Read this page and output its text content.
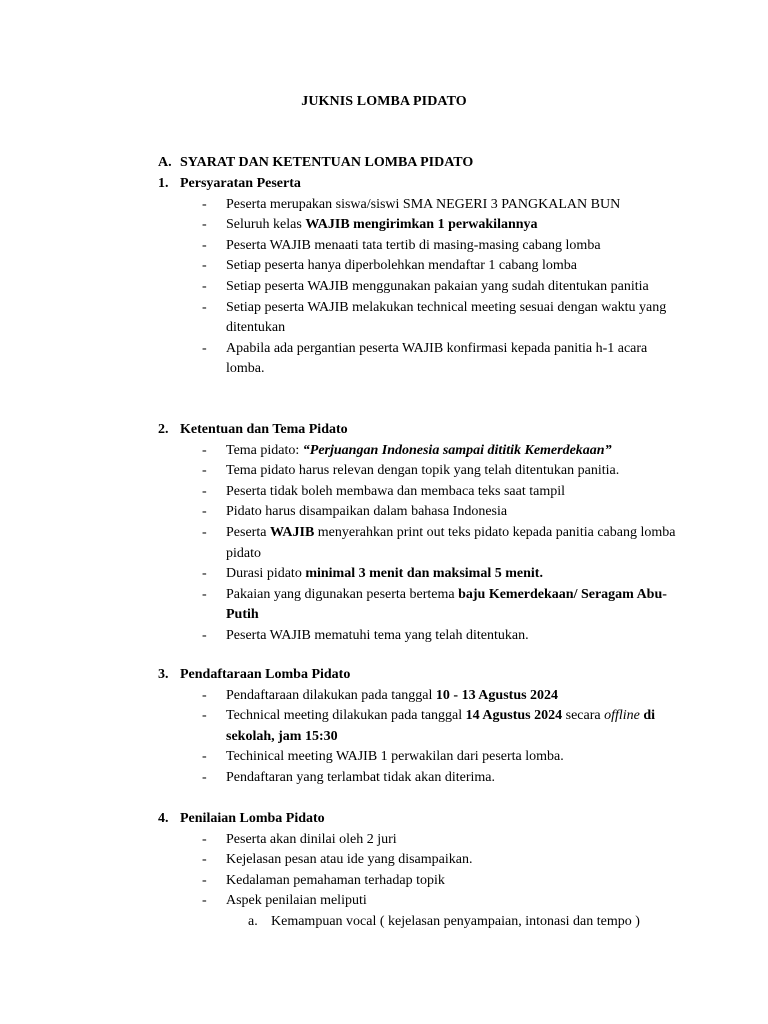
JUKNIS LOMBA PIDATO
A. SYARAT DAN KETENTUAN LOMBA PIDATO
1. Persyaratan Peserta
- Peserta merupakan siswa/siswi SMA NEGERI 3 PANGKALAN BUN
- Seluruh kelas WAJIB mengirimkan 1 perwakilannya
- Peserta WAJIB menaati tata tertib di masing-masing cabang lomba
- Setiap peserta hanya diperbolehkan mendaftar 1 cabang lomba
- Setiap peserta WAJIB menggunakan pakaian yang sudah ditentukan panitia
- Setiap peserta WAJIB melakukan technical meeting sesuai dengan waktu yang ditentukan
- Apabila ada pergantian peserta WAJIB konfirmasi kepada panitia h-1 acara lomba.
2. Ketentuan dan Tema Pidato
- Tema pidato: “Perjuangan Indonesia sampai dititik Kemerdekaan”
- Tema pidato harus relevan dengan topik yang telah ditentukan panitia.
- Peserta tidak boleh membawa dan membaca teks saat tampil
- Pidato harus disampaikan dalam bahasa Indonesia
- Peserta WAJIB menyerahkan print out teks pidato kepada panitia cabang lomba pidato
- Durasi pidato minimal 3 menit dan maksimal 5 menit.
- Pakaian yang digunakan peserta bertema baju Kemerdekaan/ Seragam Abu-Putih
- Peserta WAJIB mematuhi tema yang telah ditentukan.
3. Pendaftaraan Lomba Pidato
- Pendaftaraan dilakukan pada tanggal 10 - 13 Agustus 2024
- Technical meeting dilakukan pada tanggal 14 Agustus 2024 secara offline di sekolah, jam 15:30
- Techinical meeting WAJIB 1 perwakilan dari peserta lomba.
- Pendaftaran yang terlambat tidak akan diterima.
4. Penilaian Lomba Pidato
- Peserta akan dinilai oleh 2 juri
- Kejelasan pesan atau ide yang disampaikan.
- Kedalaman pemahaman terhadap topik
- Aspek penilaian meliputi
a. Kemampuan vocal ( kejelasan penyampaian, intonasi dan tempo )
